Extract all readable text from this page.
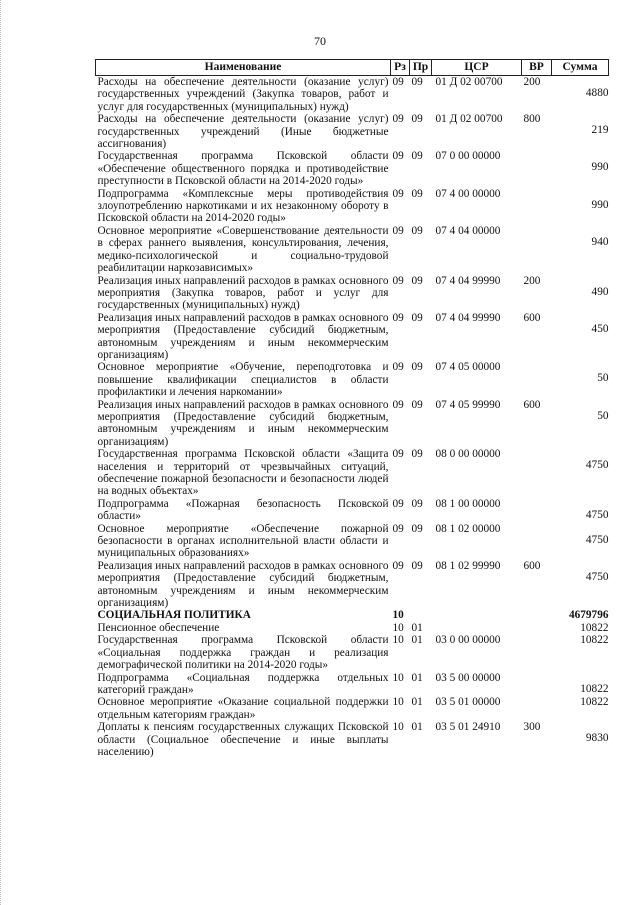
70
Наименование	Рз	Пр	ЦСР	ВР	Сумма
Расходы на обеспечение деятельности (оказание услуг) государственных учреждений (Закупка товаров, работ и услуг для государственных (муниципальных) нужд)	09	09	01 Д 02 00700	200	4880
Расходы на обеспечение деятельности (оказание услуг) государственных учреждений (Иные бюджетные ассигнования)	09	09	01 Д 02 00700	800	219
Государственная программа Псковской области «Обеспечение общественного порядка и противодействие преступности в Псковской области на 2014-2020 годы»	09	09	07 0 00 00000		990
Подпрограмма «Комплексные меры противодействия злоупотреблению наркотиками и их незаконному обороту в Псковской области на 2014-2020 годы»	09	09	07 4 00 00000		990
Основное мероприятие «Совершенствование деятельности в сферах раннего выявления, консультирования, лечения, медико-психологической и социально-трудовой реабилитации наркозависимых»	09	09	07 4 04 00000		940
Реализация иных направлений расходов в рамках основного мероприятия (Закупка товаров, работ и услуг для государственных (муниципальных) нужд)	09	09	07 4 04 99990	200	490
Реализация иных направлений расходов в рамках основного мероприятия (Предоставление субсидий бюджетным, автономным учреждениям и иным некоммерческим организациям)	09	09	07 4 04 99990	600	450
Основное мероприятие «Обучение, переподготовка и повышение квалификации специалистов в области профилактики и лечения наркомании»	09	09	07 4 05 00000		50
Реализация иных направлений расходов в рамках основного мероприятия (Предоставление субсидий бюджетным, автономным учреждениям и иным некоммерческим организациям)	09	09	07 4 05 99990	600	50
Государственная программа Псковской области «Защита населения и территорий от чрезвычайных ситуаций, обеспечение пожарной безопасности и безопасности людей на водных объектах»	09	09	08 0 00 00000		4750
Подпрограмма «Пожарная безопасность Псковской области»	09	09	08 1 00 00000		4750
Основное мероприятие «Обеспечение пожарной безопасности в органах исполнительной власти области и муниципальных образованиях»	09	09	08 1 02 00000		4750
Реализация иных направлений расходов в рамках основного мероприятия (Предоставление субсидий бюджетным, автономным учреждениям и иным некоммерческим организациям)	09	09	08 1 02 99990	600	4750
СОЦИАЛЬНАЯ ПОЛИТИКА	10				4679796
Пенсионное обеспечение	10	01			10822
Государственная программа Псковской области «Социальная поддержка граждан и реализация демографической политики на 2014-2020 годы»	10	01	03 0 00 00000		10822
Подпрограмма «Социальная поддержка отдельных категорий граждан»	10	01	03 5 00 00000		10822
Основное мероприятие «Оказание социальной поддержки отдельным категориям граждан»	10	01	03 5 01 00000		10822
Доплаты к пенсиям государственных служащих Псковской области (Социальное обеспечение и иные выплаты населению)	10	01	03 5 01 24910	300	9830
